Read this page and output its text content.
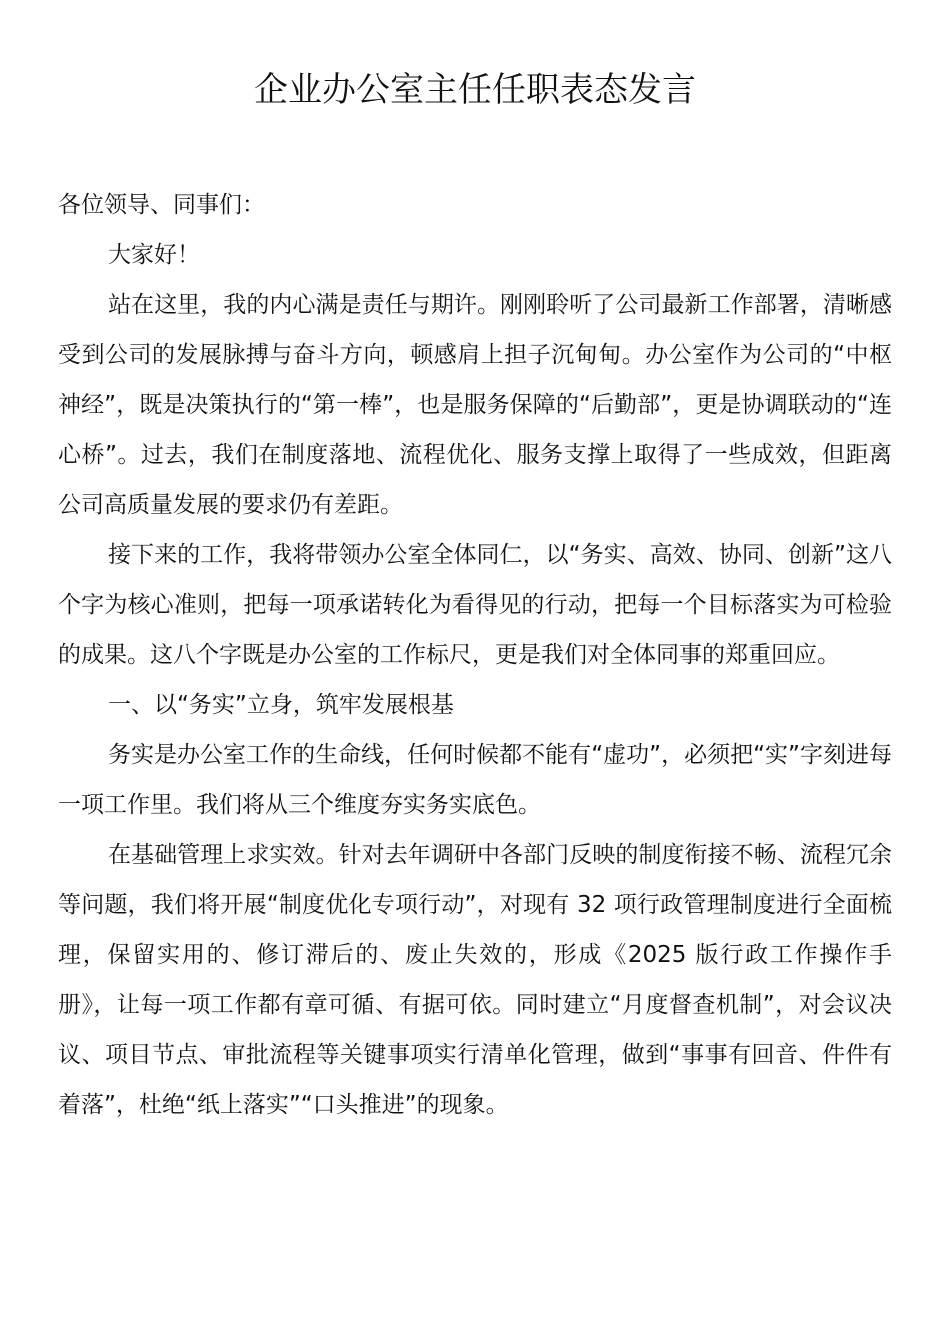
企业办公室主任任职表态发言

各位领导、同事们：

大家好！

站在这里，我的内心满是责任与期许。刚刚聆听了公司最新工作部署，清晰感受到公司的发展脉搏与奋斗方向，顿感肩上担子沉甸甸。办公室作为公司的“中枢神经”，既是决策执行的“第一棒”，也是服务保障的“后勤部”，更是协调联动的“连心桥”。过去，我们在制度落地、流程优化、服务支撑上取得了一些成效，但距离公司高质量发展的要求仍有差距。

接下来的工作，我将带领办公室全体同仁，以“务实、高效、协同、创新”这八个字为核心准则，把每一项承诺转化为看得见的行动，把每一个目标落实为可检验的成果。这八个字既是办公室的工作标尺，更是我们对全体同事的郑重回应。

一、以“务实”立身，筑牢发展根基

务实是办公室工作的生命线，任何时候都不能有“虚功”，必须把“实”字刻进每一项工作里。我们将从三个维度夯实务实底色。

在基础管理上求实效。针对去年调研中各部门反映的制度衔接不畅、流程冗余等问题，我们将开展“制度优化专项行动”，对现有 32 项行政管理制度进行全面梳理，保留实用的、修订滞后的、废止失效的，形成《2025 版行政工作操作手册》，让每一项工作都有章可循、有据可依。同时建立“月度督查机制”，对会议决议、项目节点、审批流程等关键事项实行清单化管理，做到“事事有回音、件件有着落”，杜绝“纸上落实”“口头推进”的现象。
